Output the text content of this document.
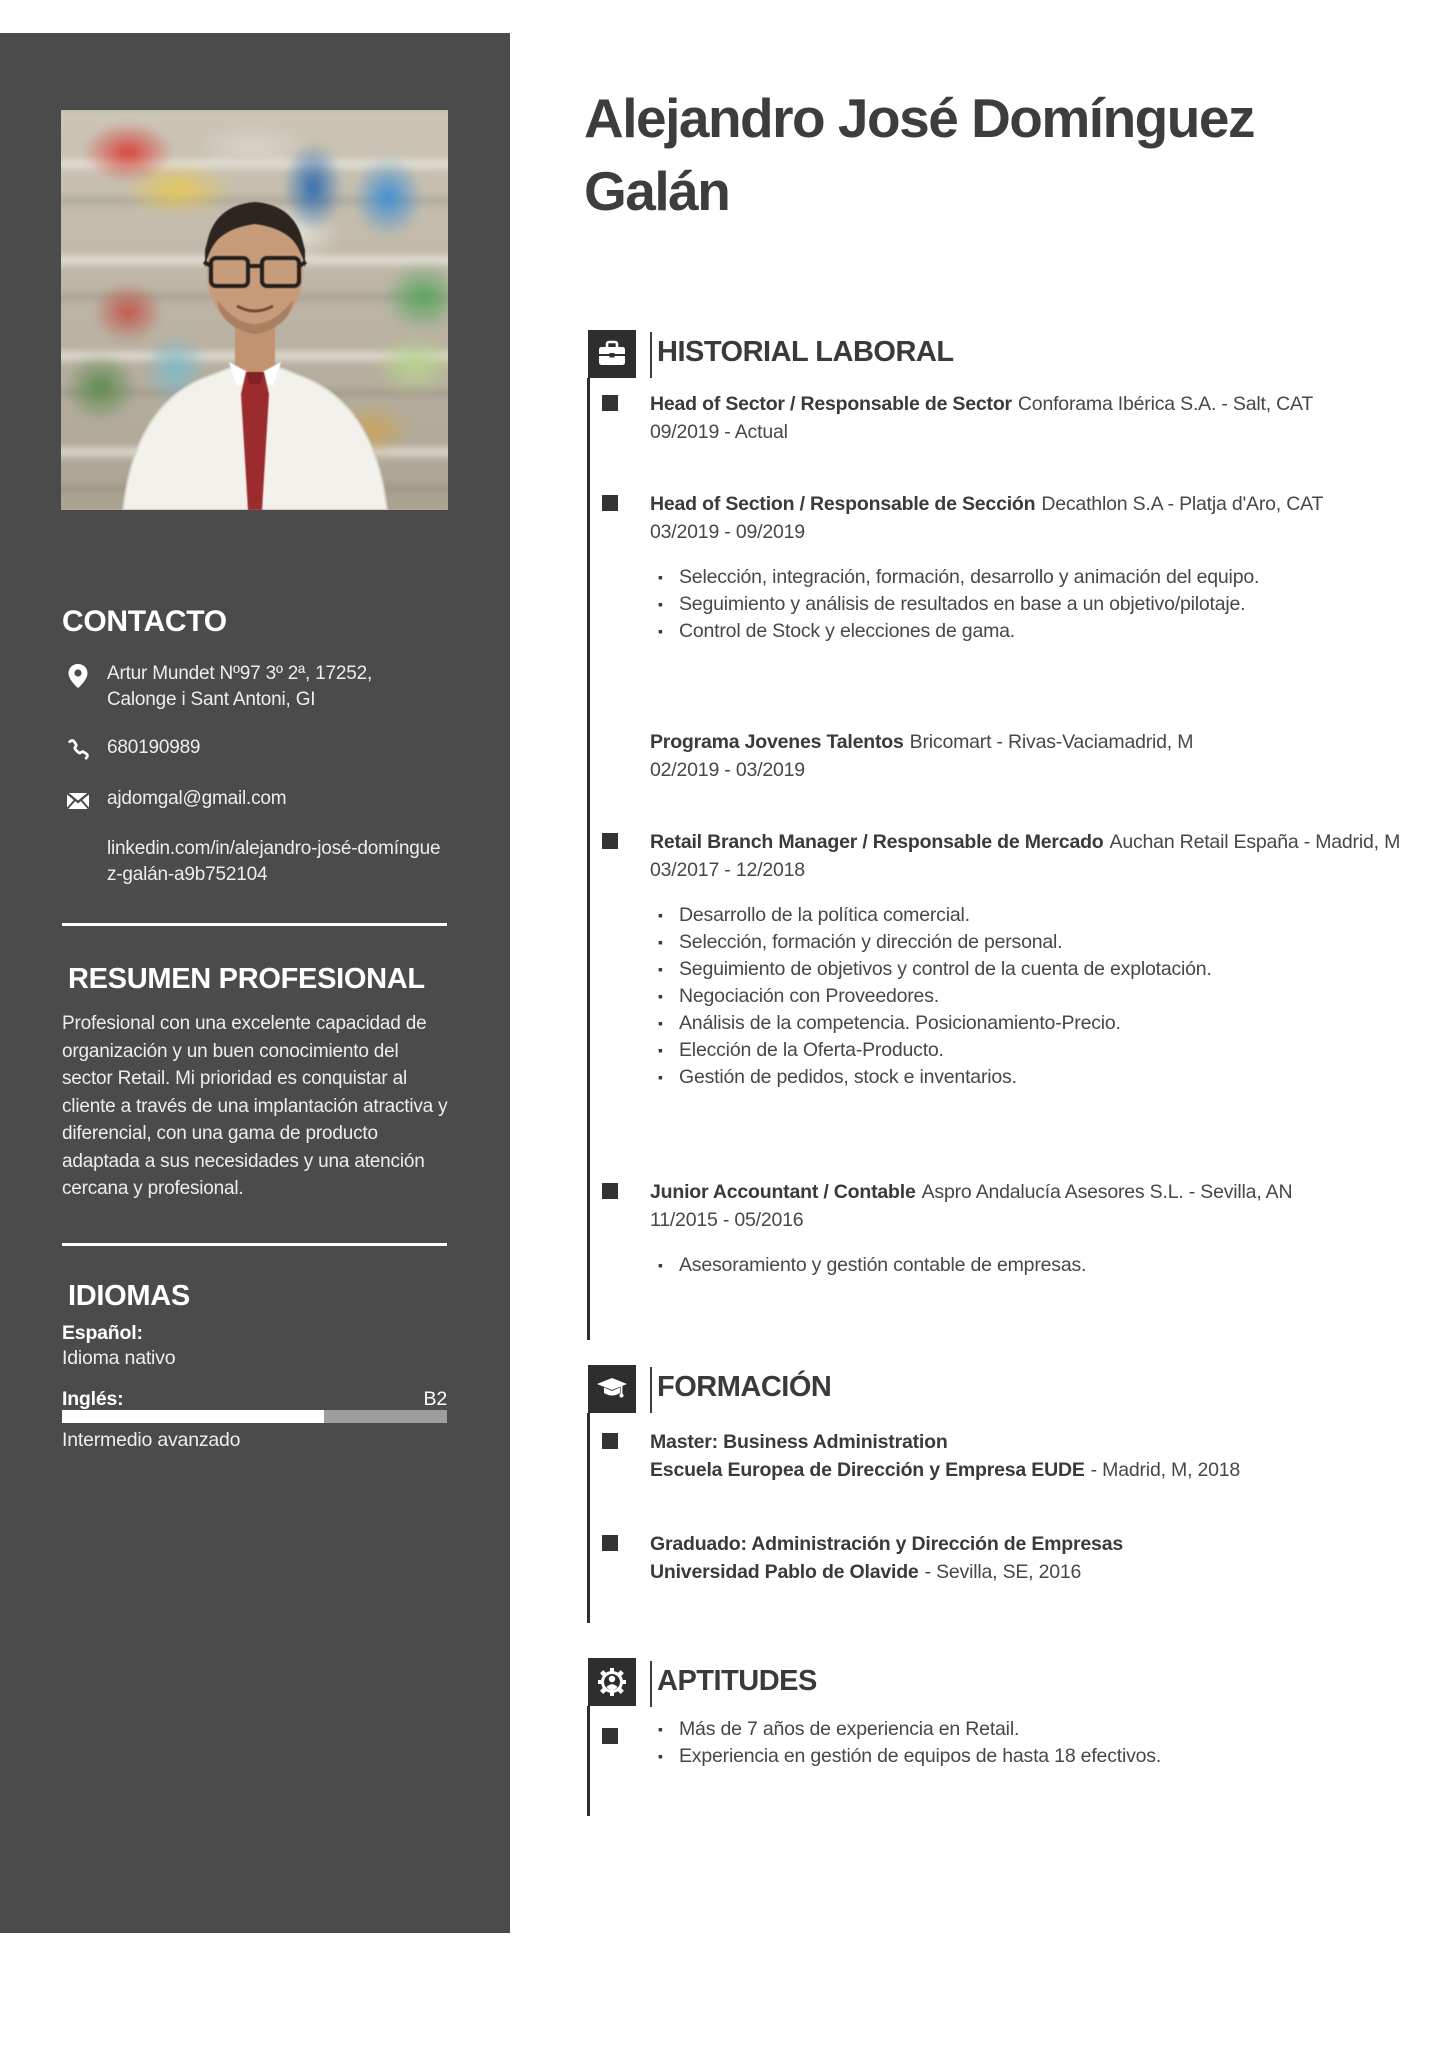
CONTACTO
Artur Mundet Nº97 3º 2ª, 17252, Calonge i Sant Antoni, GI
680190989
ajdomgal@gmail.com
linkedin.com/in/alejandro-josé-domínguez-galán-a9b752104
RESUMEN PROFESIONAL

Profesional con una excelente capacidad de organización y un buen conocimiento del sector Retail. Mi prioridad es conquistar al cliente a través de una implantación atractiva y diferencial, con una gama de producto adaptada a sus necesidades y una atención cercana y profesional.

IDIOMAS
Español:
Idioma nativo
Inglés:	B2
Intermedio avanzado
Alejandro José Domínguez Galán
HISTORIAL LABORAL
Head of Sector / Responsable de Sector Conforama Ibérica S.A. - Salt, CAT
09/2019 - Actual
Head of Section / Responsable de Sección Decathlon S.A - Platja d'Aro, CAT
03/2019 - 09/2019
▪ Selección, integración, formación, desarrollo y animación del equipo.
▪ Seguimiento y análisis de resultados en base a un objetivo/pilotaje.
▪ Control de Stock y elecciones de gama.
Programa Jovenes Talentos Bricomart - Rivas-Vaciamadrid, M
02/2019 - 03/2019
Retail Branch Manager / Responsable de Mercado Auchan Retail España - Madrid, M
03/2017 - 12/2018
▪ Desarrollo de la política comercial.
▪ Selección, formación y dirección de personal.
▪ Seguimiento de objetivos y control de la cuenta de explotación.
▪ Negociación con Proveedores.
▪ Análisis de la competencia. Posicionamiento-Precio.
▪ Elección de la Oferta-Producto.
▪ Gestión de pedidos, stock e inventarios.
Junior Accountant / Contable Aspro Andalucía Asesores S.L. - Sevilla, AN
11/2015 - 05/2016
▪ Asesoramiento y gestión contable de empresas.
FORMACIÓN
Master: Business Administration
Escuela Europea de Dirección y Empresa EUDE - Madrid, M, 2018
Graduado: Administración y Dirección de Empresas
Universidad Pablo de Olavide - Sevilla, SE, 2016
APTITUDES
▪ Más de 7 años de experiencia en Retail.
▪ Experiencia en gestión de equipos de hasta 18 efectivos.
